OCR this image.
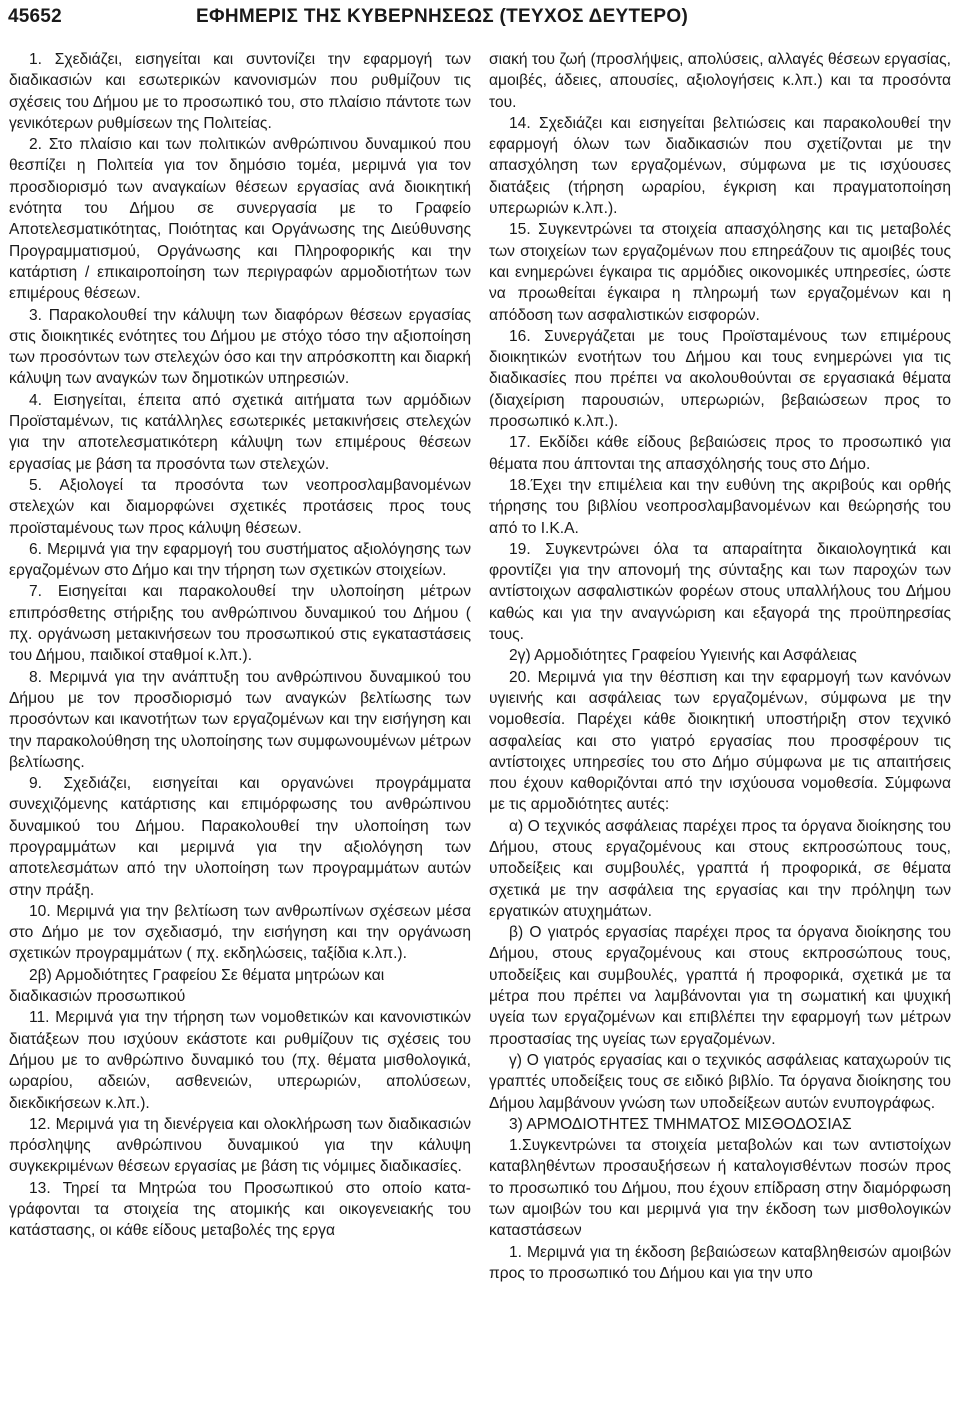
45652	ΕΦΗΜΕΡΙΣ ΤΗΣ ΚΥΒΕΡΝΗΣΕΩΣ (ΤΕΥΧΟΣ ΔΕΥΤΕΡΟ)

1. Σχεδιάζει, εισηγείται και συντονίζει την εφαρμογή των διαδικασιών και εσωτερικών κανονισμών που ρυθμίζουν τις σχέσεις του Δήμου με το προσωπικό του, στο πλαίσιο πάντοτε των γενικότερων ρυθμίσεων της Πολιτείας.

2. Στο πλαίσιο και των πολιτικών ανθρώπινου δυναμικού που θεσπίζει η Πολιτεία για τον δημόσιο τομέα, μεριμνά για τον προσδιορισμό των αναγκαίων θέσεων εργασίας ανά διοικητική ενότητα του Δήμου σε συνεργασία με το Γραφείο Αποτελεσματικότητας, Ποιότητας και Οργάνωσης της Διεύθυνσης Προγραμματισμού, Οργάνωσης και Πληροφορικής και την κατάρτιση / επικαιροποίηση των περιγραφών αρμοδιοτήτων των επιμέρους θέσεων.

3. Παρακολουθεί την κάλυψη των διαφόρων θέσεων εργασίας στις διοικητικές ενότητες του Δήμου με στόχο τόσο την αξιοποίηση των προσόντων των στελεχών όσο και την απρόσκοπτη και διαρκή κάλυψη των αναγκών των δημοτικών υπηρεσιών.

4. Εισηγείται, έπειτα από σχετικά αιτήματα των αρμόδιων Προϊσταμένων, τις κατάλληλες εσωτερικές μετακινήσεις στελεχών για την αποτελεσματικότερη κάλυψη των επιμέρους θέσεων εργασίας με βάση τα προσόντα των στελεχών.

5. Αξιολογεί τα προσόντα των νεοπροσλαμβανομένων στελεχών και διαμορφώνει σχετικές προτάσεις προς τους προϊσταμένους των προς κάλυψη θέσεων.

6. Μεριμνά για την εφαρμογή του συστήματος αξιολόγησης των εργαζομένων στο Δήμο και την τήρηση των σχετικών στοιχείων.

7. Εισηγείται και παρακολουθεί την υλοποίηση μέτρων επιπρόσθετης στήριξης του ανθρώπινου δυναμικού του Δήμου ( πχ. οργάνωση μετακινήσεων του προσωπικού στις εγκαταστάσεις του Δήμου, παιδικοί σταθμοί κ.λπ.).

8. Μεριμνά για την ανάπτυξη του ανθρώπινου δυναμικού του Δήμου με τον προσδιορισμό των αναγκών βελτίωσης των προσόντων και ικανοτήτων των εργαζομένων και την εισήγηση και την παρακολούθηση της υλοποίησης των συμφωνουμένων μέτρων βελτίωσης.

9. Σχεδιάζει, εισηγείται και οργανώνει προγράμματα συνεχιζόμενης κατάρτισης και επιμόρφωσης του ανθρώπινου δυναμικού του Δήμου. Παρακολουθεί την υλοποίηση των προγραμμάτων και μεριμνά για την αξιολόγηση των αποτελεσμάτων από την υλοποίηση των προγραμμάτων αυτών στην πράξη.

10. Μεριμνά για την βελτίωση των ανθρωπίνων σχέσεων μέσα στο Δήμο με τον σχεδιασμό, την εισήγηση και την οργάνωση σχετικών προγραμμάτων ( πχ. εκδηλώσεις, ταξίδια κ.λπ.).

2β) Αρμοδιότητες Γραφείου Σε θέματα μητρώων και διαδικασιών προσωπικού

11. Μεριμνά για την τήρηση των νομοθετικών και κανονιστικών διατάξεων που ισχύουν εκάστοτε και ρυθμίζουν τις σχέσεις του Δήμου με το ανθρώπινο δυναμικό του (πχ. θέματα μισθολογικά, ωραρίου, αδειών, ασθενειών, υπερωριών, απολύσεων, διεκδικήσεων κ.λπ.).

12. Μεριμνά για τη διενέργεια και ολοκλήρωση των διαδικασιών πρόσληψης ανθρώπινου δυναμικού για την κάλυψη συγκεκριμένων θέσεων εργασίας με βάση τις νόμιμες διαδικασίες.

13. Τηρεί τα Μητρώα του Προσωπικού στο οποίο καταγράφονται τα στοιχεία της ατομικής και οικογενειακής του κατάστασης, οι κάθε είδους μεταβολές της εργα

σιακή του ζωή (προσλήψεις, απολύσεις, αλλαγές θέσεων εργασίας, αμοιβές, άδειες, απουσίες, αξιολογήσεις κ.λπ.) και τα προσόντα του.

14. Σχεδιάζει και εισηγείται βελτιώσεις και παρακολουθεί την εφαρμογή όλων των διαδικασιών που σχετίζονται με την απασχόληση των εργαζομένων, σύμφωνα με τις ισχύουσες διατάξεις (τήρηση ωραρίου, έγκριση και πραγματοποίηση υπερωριών κ.λπ.).

15. Συγκεντρώνει τα στοιχεία απασχόλησης και τις μεταβολές των στοιχείων των εργαζομένων που επηρεάζουν τις αμοιβές τους και ενημερώνει έγκαιρα τις αρμόδιες οικονομικές υπηρεσίες, ώστε να προωθείται έγκαιρα η πληρωμή των εργαζομένων και η απόδοση των ασφαλιστικών εισφορών.

16. Συνεργάζεται με τους Προϊσταμένους των επιμέρους διοικητικών ενοτήτων του Δήμου και τους ενημερώνει για τις διαδικασίες που πρέπει να ακολουθούνται σε εργασιακά θέματα (διαχείριση παρουσιών, υπερωριών, βεβαιώσεων προς το προσωπικό κ.λπ.).

17. Εκδίδει κάθε είδους βεβαιώσεις προς το προσωπικό για θέματα που άπτονται της απασχόλησής τους στο Δήμο.

18.Έχει την επιμέλεια και την ευθύνη της ακριβούς και ορθής τήρησης του βιβλίου νεοπροσλαμβανομένων και θεώρησής του από το Ι.Κ.Α.

19. Συγκεντρώνει όλα τα απαραίτητα δικαιολογητικά και φροντίζει για την απονομή της σύνταξης και των παροχών των αντίστοιχων ασφαλιστικών φορέων στους υπαλλήλους του Δήμου καθώς και για την αναγνώριση και εξαγορά της προϋπηρεσίας τους.

2γ) Αρμοδιότητες Γραφείου Υγιεινής και Ασφάλειας

20. Μεριμνά για την θέσπιση και την εφαρμογή των κανόνων υγιεινής και ασφάλειας των εργαζομένων, σύμφωνα με την νομοθεσία. Παρέχει κάθε διοικητική υποστήριξη στον τεχνικό ασφαλείας και στο γιατρό εργασίας που προσφέρουν τις αντίστοιχες υπηρεσίες του στο Δήμο σύμφωνα με τις απαιτήσεις που έχουν καθοριζόνται από την ισχύουσα νομοθεσία. Σύμφωνα με τις αρμοδιότητες αυτές:

α) Ο τεχνικός ασφάλειας παρέχει προς τα όργανα διοίκησης του Δήμου, στους εργαζομένους και στους εκπροσώπους τους, υποδείξεις και συμβουλές, γραπτά ή προφορικά, σε θέματα σχετικά με την ασφάλεια της εργασίας και την πρόληψη των εργατικών ατυχημάτων.

β) Ο γιατρός εργασίας παρέχει προς τα όργανα διοίκησης του Δήμου, στους εργαζομένους και στους εκπροσώπους τους, υποδείξεις και συμβουλές, γραπτά ή προφορικά, σχετικά με τα μέτρα που πρέπει να λαμβάνονται για τη σωματική και ψυχική υγεία των εργαζομένων και επιβλέπει την εφαρμογή των μέτρων προστασίας της υγείας των εργαζομένων.

γ) Ο γιατρός εργασίας και ο τεχνικός ασφάλειας καταχωρούν τις γραπτές υποδείξεις τους σε ειδικό βιβλίο. Τα όργανα διοίκησης του Δήμου λαμβάνουν γνώση των υποδείξεων αυτών ενυπογράφως.

3) ΑΡΜΟΔΙΟΤΗΤΕΣ ΤΜΗΜΑΤΟΣ ΜΙΣΘΟΔΟΣΙΑΣ

1.Συγκεντρώνει τα στοιχεία μεταβολών και των αντιστοίχων καταβληθέντων προσαυξήσεων ή καταλογισθέντων ποσών προς το προσωπικό του Δήμου, που έχουν επίδραση στην διαμόρφωση των αμοιβών του και μεριμνά για την έκδοση των μισθολογικών καταστάσεων

1. Μεριμνά για τη έκδοση βεβαιώσεων καταβληθεισών αμοιβών προς το προσωπικό του Δήμου και για την υπο
